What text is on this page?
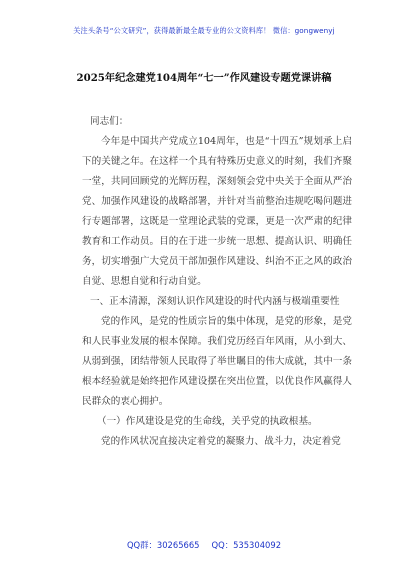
关注头条号“公文研究”，获得最新最全最专业的公文资料库！ 微信：gongwenyj
2025年纪念建党104周年“七一”作风建设专题党课讲稿

同志们：

今年是中国共产党成立104周年，也是“十四五”规划承上启下的关键之年。在这样一个具有特殊历史意义的时刻，我们齐聚一堂，共同回顾党的光辉历程，深刻领会党中央关于全面从严治党、加强作风建设的战略部署，并针对当前整治违规吃喝问题进行专题部署，这既是一堂理论武装的党课，更是一次严肃的纪律教育和工作动员。目的在于进一步统一思想、提高认识、明确任务，切实增强广大党员干部加强作风建设、纠治不正之风的政治自觉、思想自觉和行动自觉。

一、正本清源，深刻认识作风建设的时代内涵与极端重要性

党的作风，是党的性质宗旨的集中体现，是党的形象，是党和人民事业发展的根本保障。我们党历经百年风雨，从小到大、从弱到强，团结带领人民取得了举世瞩目的伟大成就，其中一条根本经验就是始终把作风建设摆在突出位置，以优良作风赢得人民群众的衷心拥护。

（一）作风建设是党的生命线，关乎党的执政根基。

党的作风状况直接决定着党的凝聚力、战斗力，决定着党

QQ群：30265665 QQ：535304092
